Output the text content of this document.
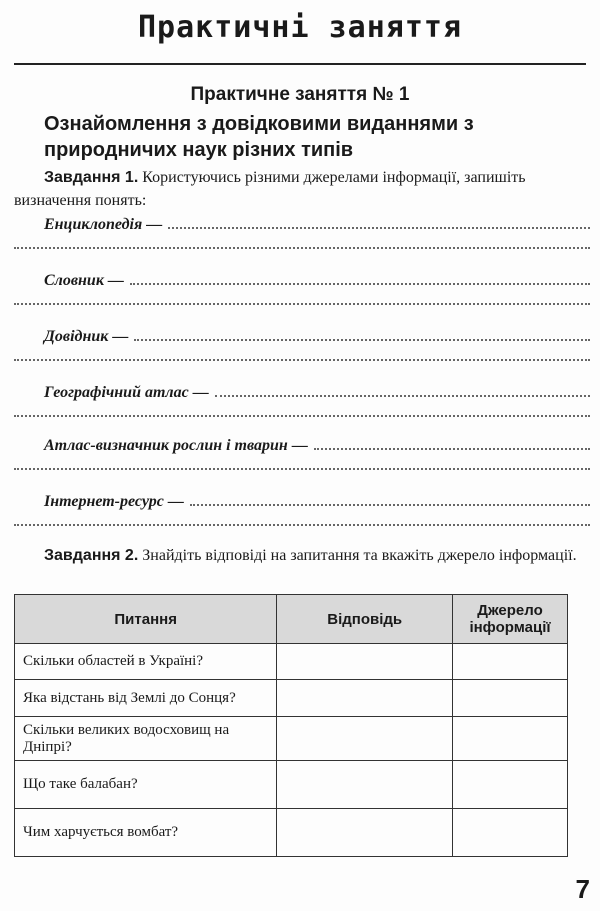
Практичні заняття
Практичне заняття № 1
Ознайомлення з довідковими виданнями з природничих наук різних типів
Завдання 1. Користуючись різними джерелами інформації, запишіть визначення понять:
Енциклопедія —
Словник —
Довідник —
Географічний атлас —
Атлас-визначник рослин і тварин —
Інтернет-ресурс —
Завдання 2. Знайдіть відповіді на запитання та вкажіть джерело інформації.
Питання	Відповідь	Джерело інформації
Скільки областей в Україні?		
Яка відстань від Землі до Сонця?		
Скільки великих водосховищ на Дніпрі?		
Що таке балабан?		
Чим харчується вомбат?		
7
